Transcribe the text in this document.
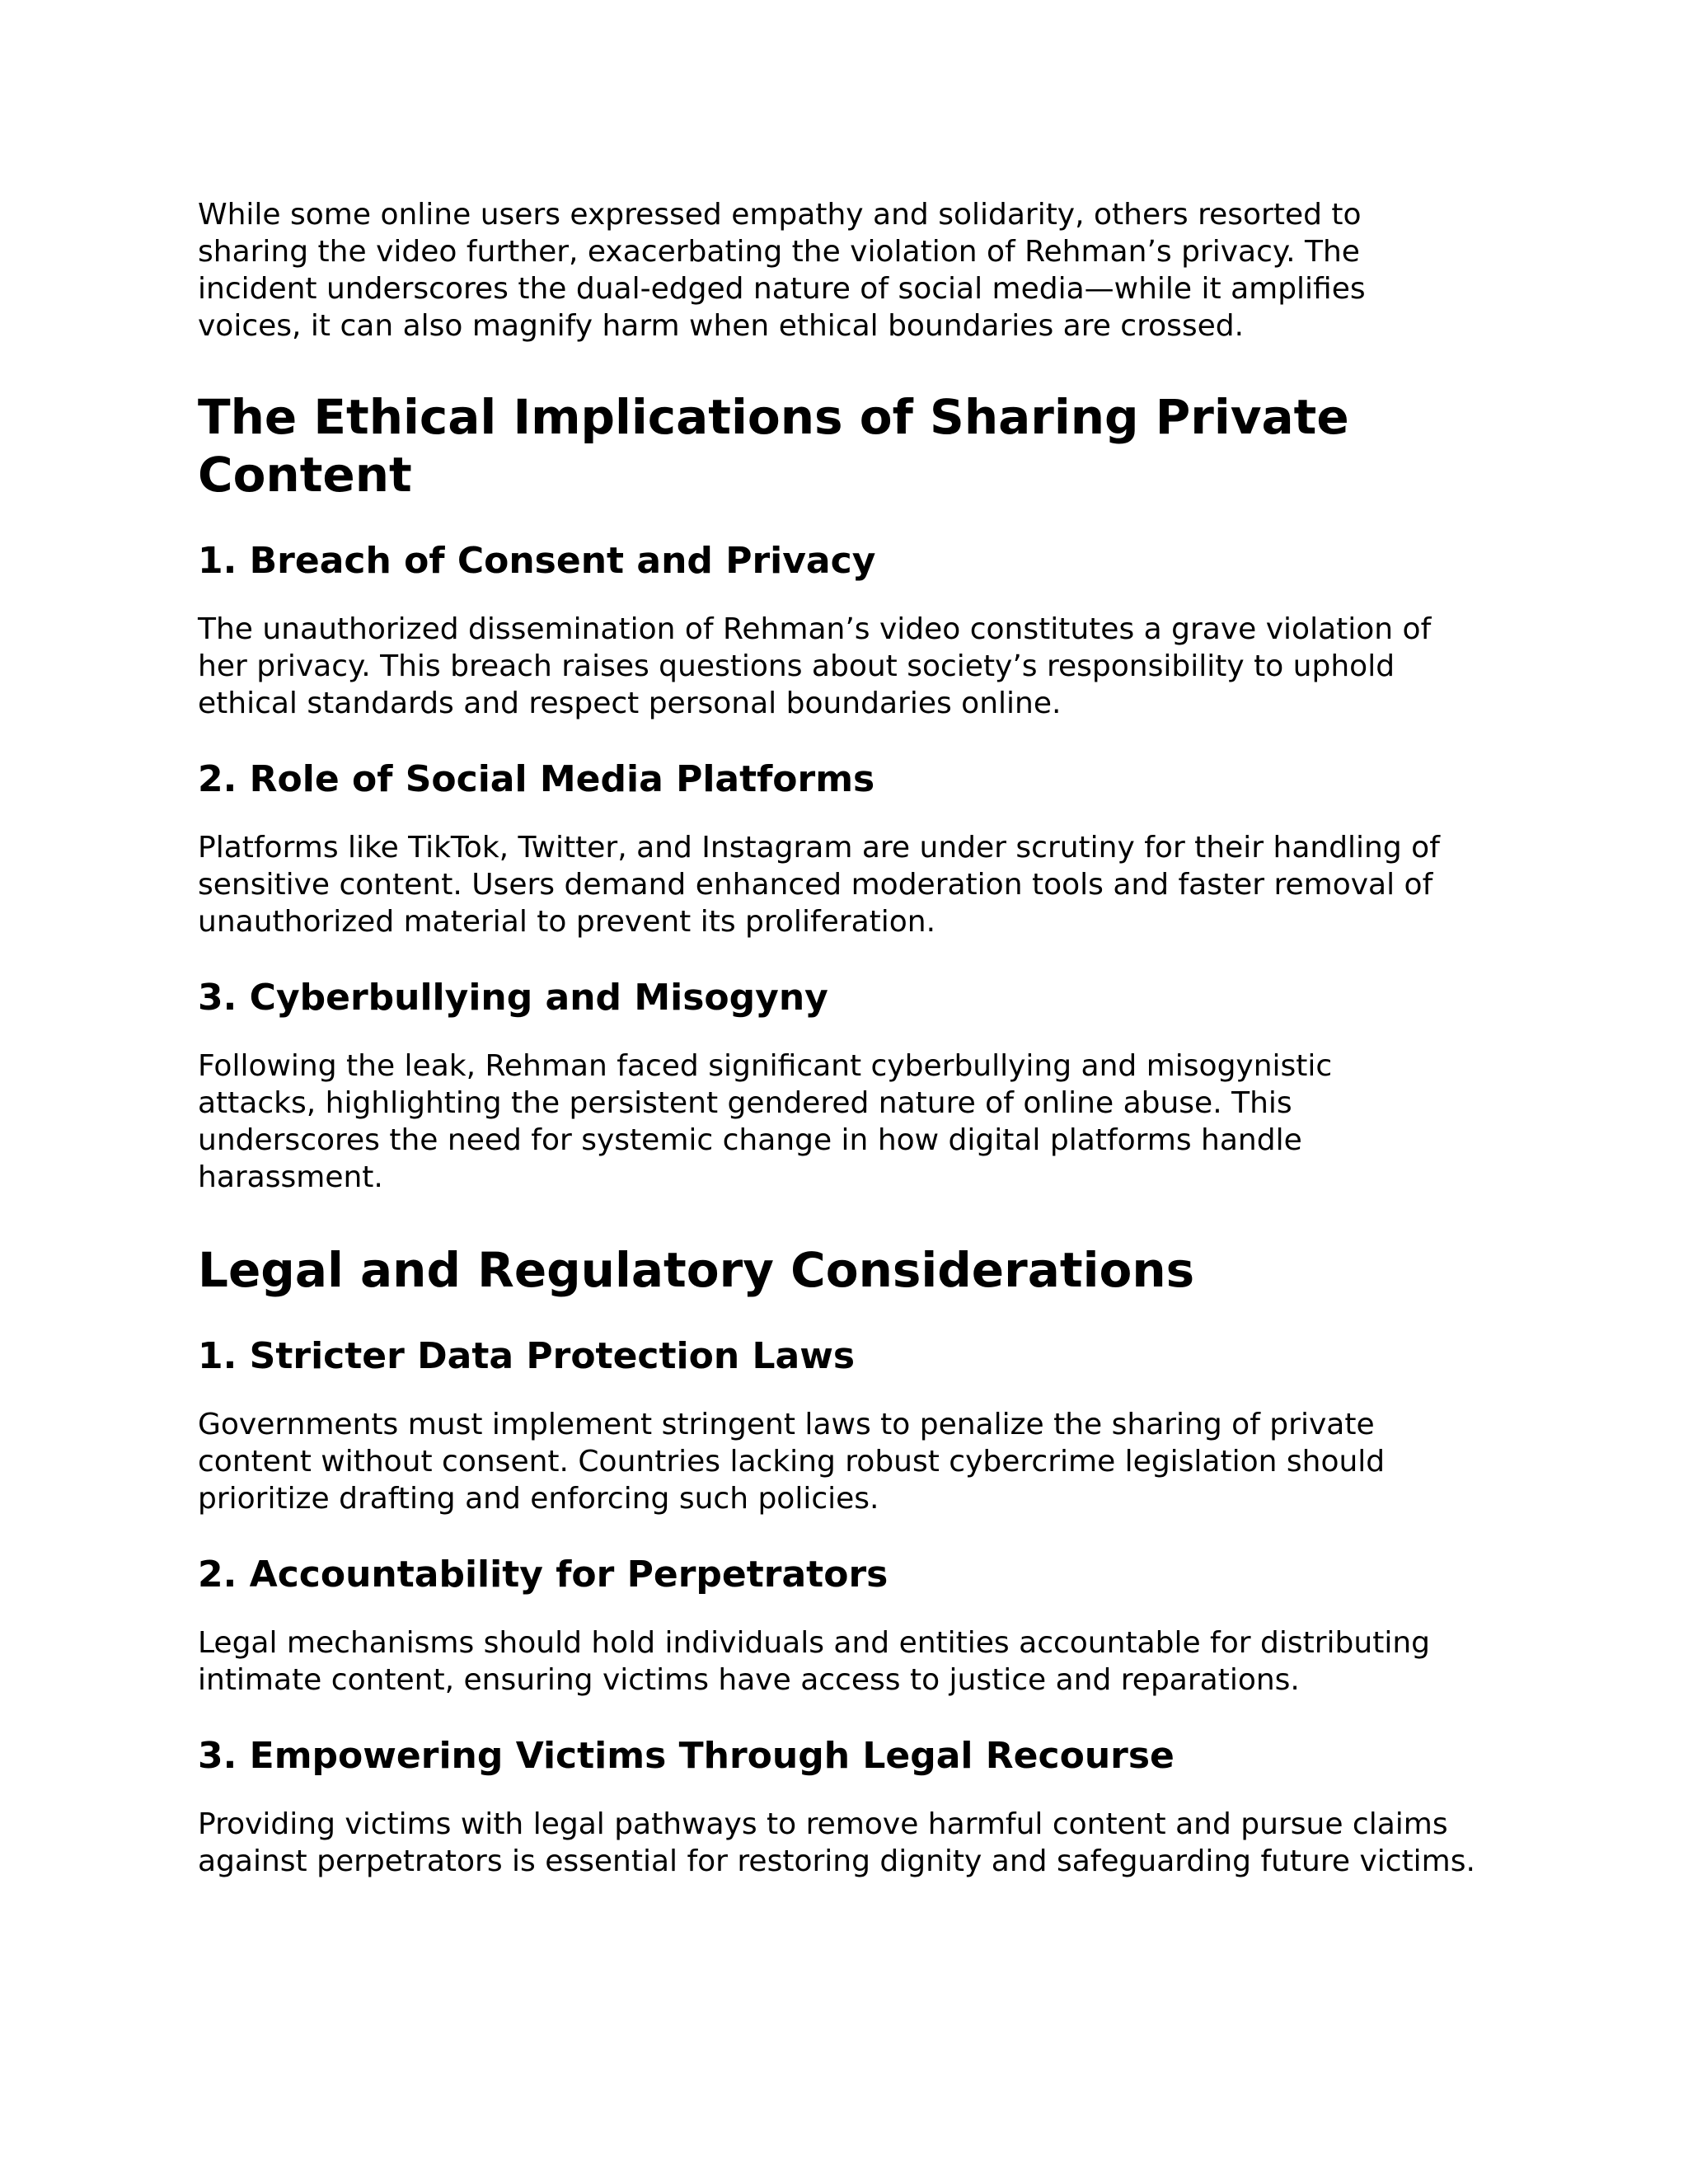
While some online users expressed empathy and solidarity, others resorted to sharing the video further, exacerbating the violation of Rehman’s privacy. The incident underscores the dual-edged nature of social media—while it amplifies voices, it can also magnify harm when ethical boundaries are crossed.

The Ethical Implications of Sharing Private Content
1. Breach of Consent and Privacy

The unauthorized dissemination of Rehman’s video constitutes a grave violation of her privacy. This breach raises questions about society’s responsibility to uphold ethical standards and respect personal boundaries online.

2. Role of Social Media Platforms

Platforms like TikTok, Twitter, and Instagram are under scrutiny for their handling of sensitive content. Users demand enhanced moderation tools and faster removal of unauthorized material to prevent its proliferation.

3. Cyberbullying and Misogyny

Following the leak, Rehman faced significant cyberbullying and misogynistic attacks, highlighting the persistent gendered nature of online abuse. This underscores the need for systemic change in how digital platforms handle harassment.

Legal and Regulatory Considerations
1. Stricter Data Protection Laws

Governments must implement stringent laws to penalize the sharing of private content without consent. Countries lacking robust cybercrime legislation should prioritize drafting and enforcing such policies.

2. Accountability for Perpetrators

Legal mechanisms should hold individuals and entities accountable for distributing intimate content, ensuring victims have access to justice and reparations.

3. Empowering Victims Through Legal Recourse

Providing victims with legal pathways to remove harmful content and pursue claims against perpetrators is essential for restoring dignity and safeguarding future victims.
